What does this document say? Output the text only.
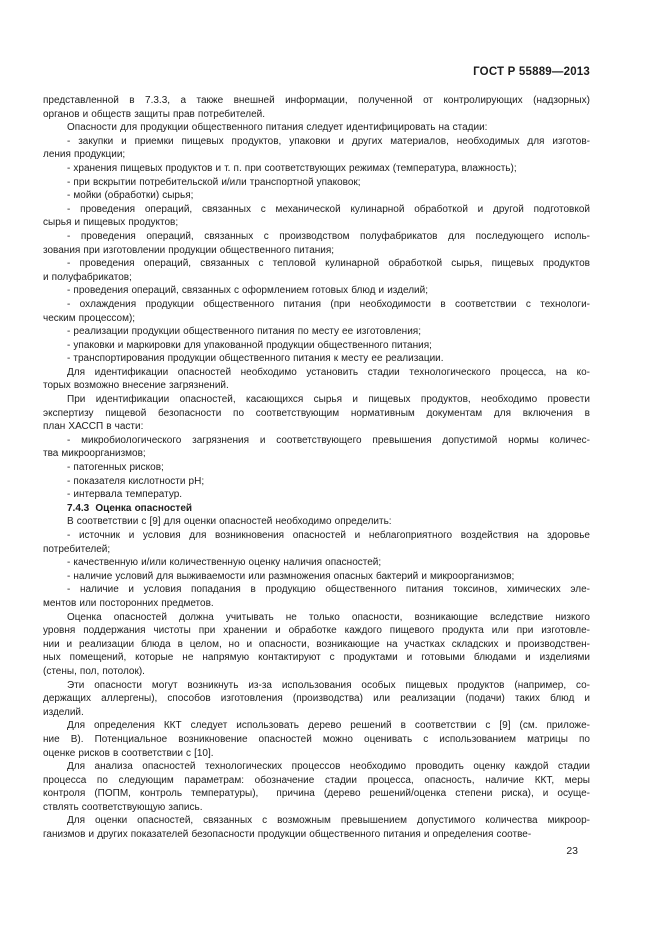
ГОСТ Р 55889—2013
представленной в 7.3.3, а также внешней информации, полученной от контролирующих (надзорных)
органов и обществ защиты прав потребителей.
Опасности для продукции общественного питания следует идентифицировать на стадии:
- закупки и приемки пищевых продуктов, упаковки и других материалов, необходимых для изготов-
ления продукции;
- хранения пищевых продуктов и т. п. при соответствующих режимах (температура, влажность);
- при вскрытии потребительской и/или транспортной упаковок;
- мойки (обработки) сырья;
- проведения операций, связанных с механической кулинарной обработкой и другой подготовкой
сырья и пищевых продуктов;
- проведения операций, связанных с производством полуфабрикатов для последующего исполь-
зования при изготовлении продукции общественного питания;
- проведения операций, связанных с тепловой кулинарной обработкой сырья, пищевых продуктов
и полуфабрикатов;
- проведения операций, связанных с оформлением готовых блюд и изделий;
- охлаждения продукции общественного питания (при необходимости в соответствии с технологи-
ческим процессом);
- реализации продукции общественного питания по месту ее изготовления;
- упаковки и маркировки для упакованной продукции общественного питания;
- транспортирования продукции общественного питания к месту ее реализации.
Для идентификации опасностей необходимо установить стадии технологического процесса, на ко-
торых возможно внесение загрязнений.
При идентификации опасностей, касающихся сырья и пищевых продуктов, необходимо провести
экспертизу пищевой безопасности по соответствующим нормативным документам для включения в
план ХАССП в части:
- микробиологического загрязнения и соответствующего превышения допустимой нормы количес-
тва микроорганизмов;
- патогенных рисков;
- показателя кислотности pH;
- интервала температур.
7.4.3  Оценка опасностей
В соответствии с [9] для оценки опасностей необходимо определить:
- источник и условия для возникновения опасностей и неблагоприятного воздействия на здоровье
потребителей;
- качественную и/или количественную оценку наличия опасностей;
- наличие условий для выживаемости или размножения опасных бактерий и микроорганизмов;
- наличие и условия попадания в продукцию общественного питания токсинов, химических эле-
ментов или посторонних предметов.
Оценка опасностей должна учитывать не только опасности, возникающие вследствие низкого
уровня поддержания чистоты при хранении и обработке каждого пищевого продукта или при изготовле-
нии и реализации блюда в целом, но и опасности, возникающие на участках складских и производствен-
ных помещений, которые не напрямую контактируют с продуктами и готовыми блюдами и изделиями
(стены, пол, потолок).
Эти опасности могут возникнуть из-за использования особых пищевых продуктов (например, со-
держащих аллергены), способов изготовления (производства) или реализации (подачи) таких блюд и
изделий.
Для определения ККТ следует использовать дерево решений в соответствии с [9] (см. приложе-
ние В). Потенциальное возникновение опасностей можно оценивать с использованием матрицы по
оценке рисков в соответствии с [10].
Для анализа опасностей технологических процессов необходимо проводить оценку каждой стадии
процесса по следующим параметрам: обозначение стадии процесса, опасность, наличие ККТ, меры
контроля (ПОПМ, контроль температуры),  причина (дерево решений/оценка степени риска), и осуще-
ствлять соответствующую запись.
Для оценки опасностей, связанных с возможным превышением допустимого количества микроор-
ганизмов и других показателей безопасности продукции общественного питания и определения соотве-
23
